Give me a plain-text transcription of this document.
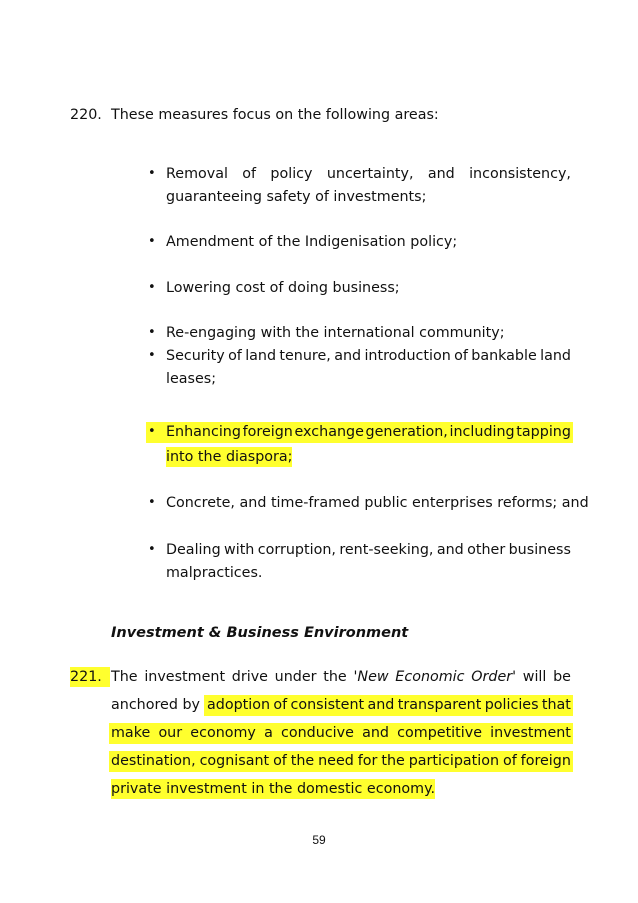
220. These measures focus on the following areas:
• Removal of policy uncertainty, and inconsistency,
guaranteeing safety of investments;
• Amendment of the Indigenisation policy;
• Lowering cost of doing business;
• Re-engaging with the international community;
• Security of land tenure, and introduction of bankable land
leases;
• Enhancing foreign exchange generation, including tapping
into the diaspora;
• Concrete, and time-framed public enterprises reforms; and
• Dealing with corruption, rent-seeking, and other business
malpractices.
Investment & Business Environment
221. The investment drive under the 'New Economic Order' will be
anchored by adoption of consistent and transparent policies that
make our economy a conducive and competitive investment
destination, cognisant of the need for the participation of foreign
private investment in the domestic economy.
59
